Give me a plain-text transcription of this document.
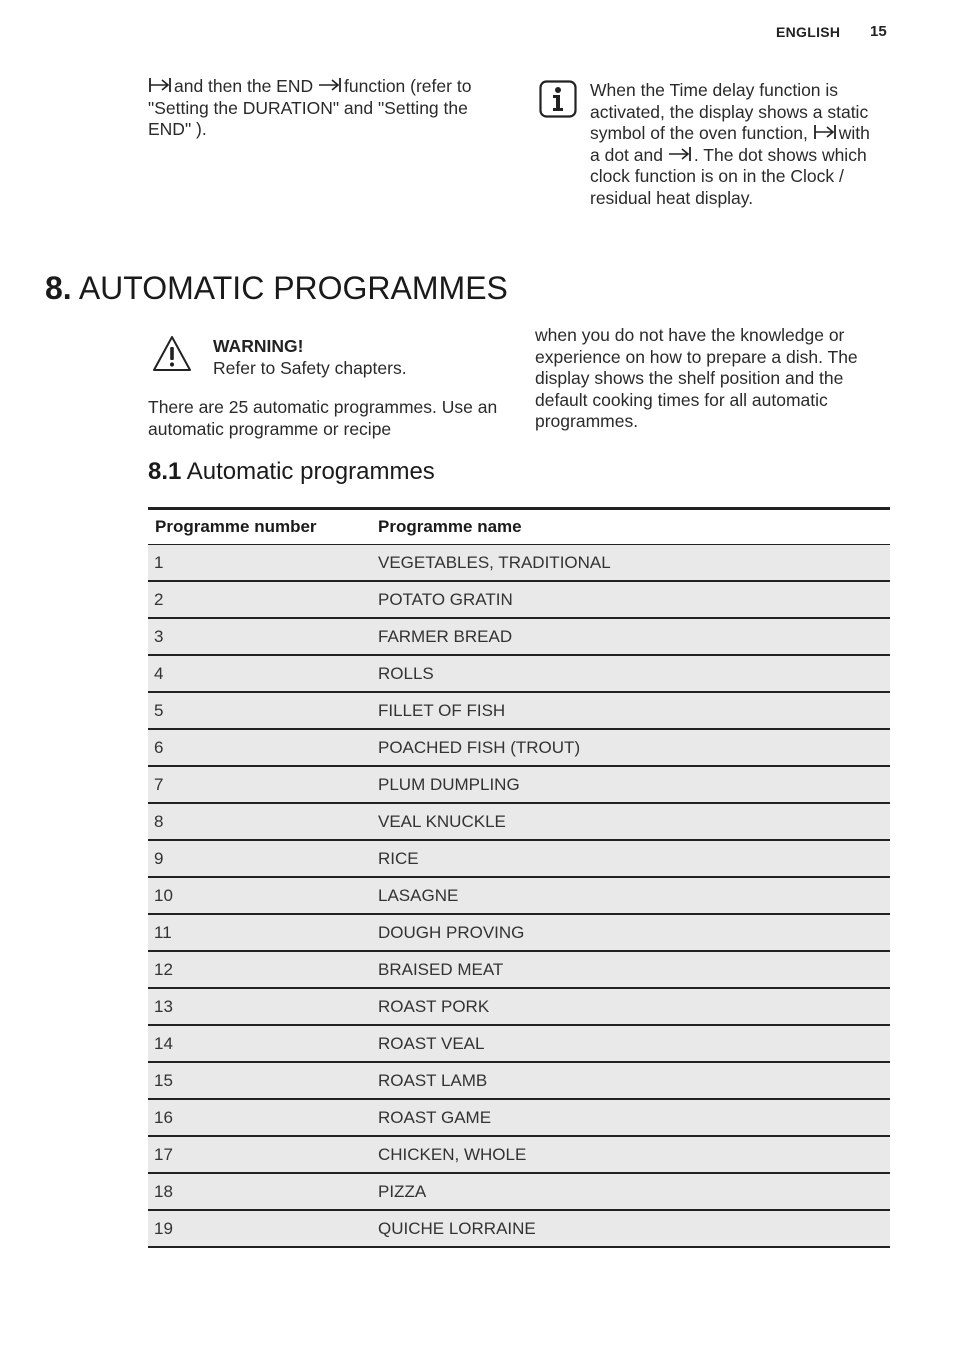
ENGLISH 15
and then the END function (refer to "Setting the DURATION" and "Setting the END" ).
When the Time delay function is activated, the display shows a static symbol of the oven function, with a dot and . The dot shows which clock function is on in the Clock / residual heat display.
8. AUTOMATIC PROGRAMMES
WARNING!
Refer to Safety chapters.
There are 25 automatic programmes. Use an automatic programme or recipe
when you do not have the knowledge or experience on how to prepare a dish. The display shows the shelf position and the default cooking times for all automatic programmes.
8.1 Automatic programmes
Programme number	Programme name
1	VEGETABLES, TRADITIONAL
2	POTATO GRATIN
3	FARMER BREAD
4	ROLLS
5	FILLET OF FISH
6	POACHED FISH (TROUT)
7	PLUM DUMPLING
8	VEAL KNUCKLE
9	RICE
10	LASAGNE
11	DOUGH PROVING
12	BRAISED MEAT
13	ROAST PORK
14	ROAST VEAL
15	ROAST LAMB
16	ROAST GAME
17	CHICKEN, WHOLE
18	PIZZA
19	QUICHE LORRAINE
